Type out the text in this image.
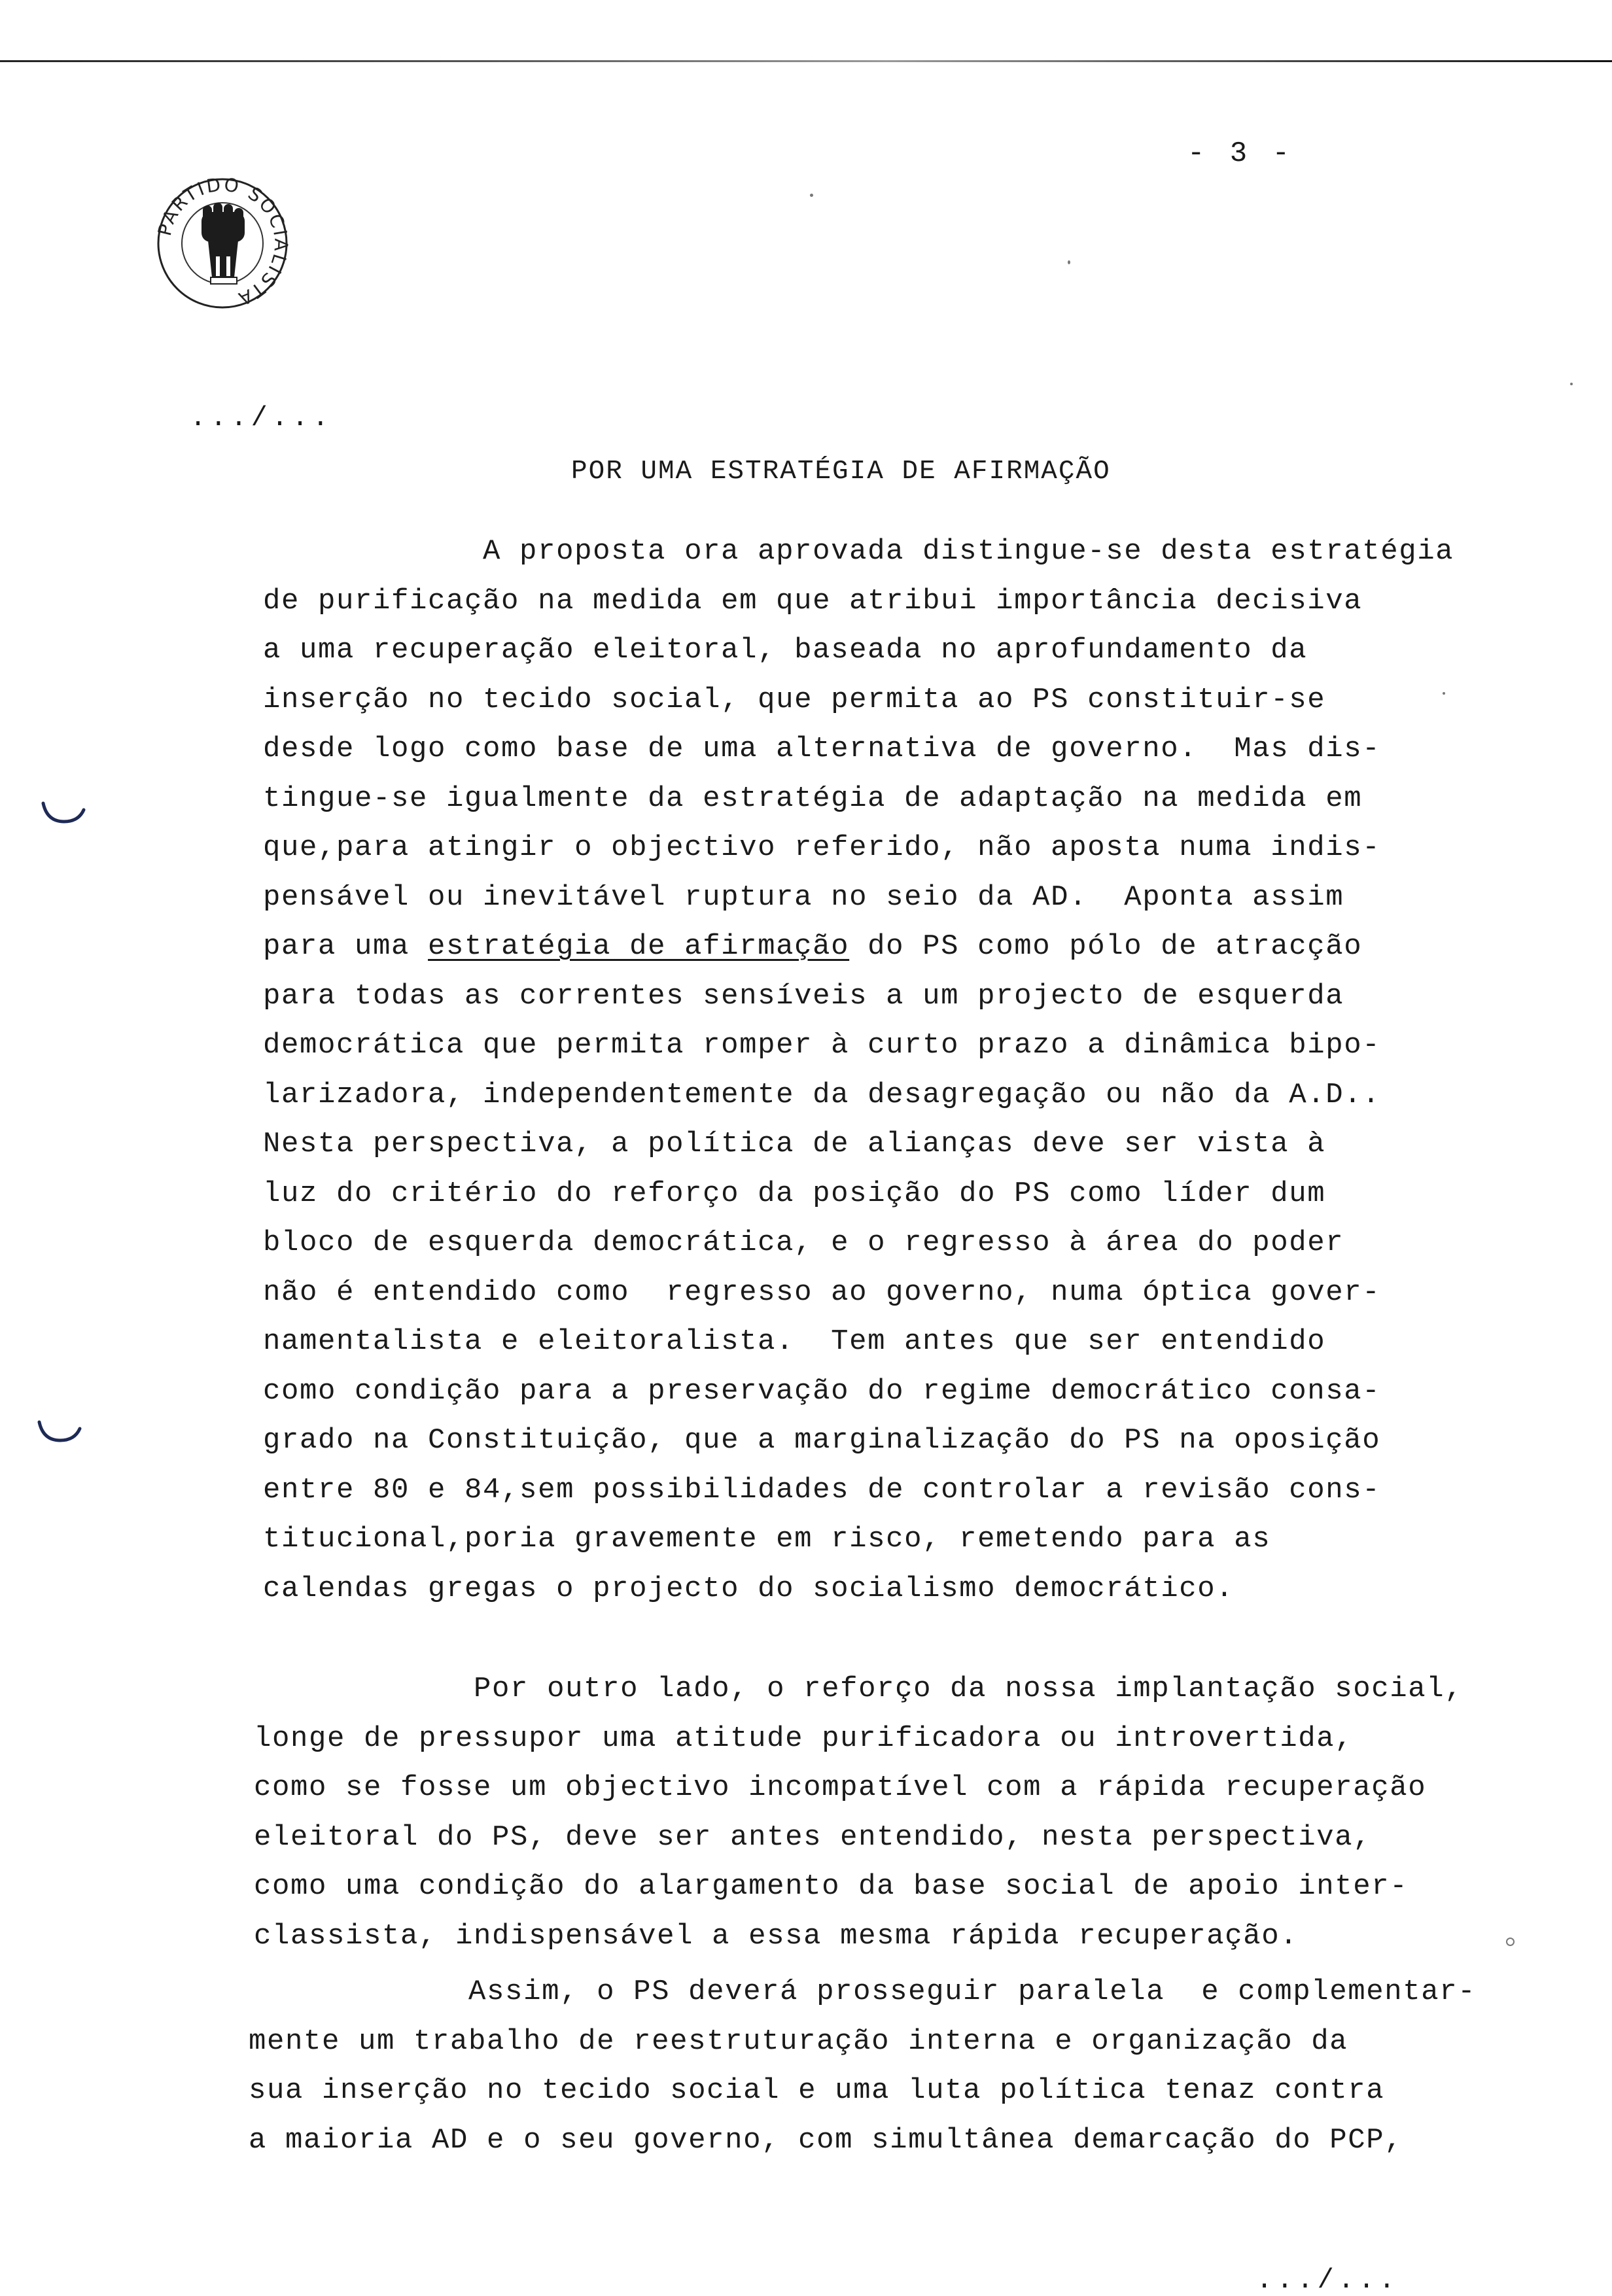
- 3 -
PARTIDO SOCIALISTA
.../...
POR UMA ESTRATÉGIA DE AFIRMAÇÃO
A proposta ora aprovada distingue-se desta estratégia
de purificação na medida em que atribui importância decisiva
a uma recuperação eleitoral, baseada no aprofundamento da
inserção no tecido social, que permita ao PS constituir-se
desde logo como base de uma alternativa de governo.  Mas dis-
tingue-se igualmente da estratégia de adaptação na medida em
que,para atingir o objectivo referido, não aposta numa indis-
pensável ou inevitável ruptura no seio da AD.  Aponta assim
para uma estratégia de afirmação do PS como pólo de atracção
para todas as correntes sensíveis a um projecto de esquerda
democrática que permita romper à curto prazo a dinâmica bipo-
larizadora, independentemente da desagregação ou não da A.D..
Nesta perspectiva, a política de alianças deve ser vista à
luz do critério do reforço da posição do PS como líder dum
bloco de esquerda democrática, e o regresso à área do poder
não é entendido como  regresso ao governo, numa óptica gover-
namentalista e eleitoralista.  Tem antes que ser entendido
como condição para a preservação do regime democrático consa-
grado na Constituição, que a marginalização do PS na oposição
entre 80 e 84,sem possibilidades de controlar a revisão cons-
titucional,poria gravemente em risco, remetendo para as
calendas gregas o projecto do socialismo democrático.
Por outro lado, o reforço da nossa implantação social,
longe de pressupor uma atitude purificadora ou introvertida,
como se fosse um objectivo incompatível com a rápida recuperação
eleitoral do PS, deve ser antes entendido, nesta perspectiva,
como uma condição do alargamento da base social de apoio inter-
classista, indispensável a essa mesma rápida recuperação.
Assim, o PS deverá prosseguir paralela  e complementar-
mente um trabalho de reestruturação interna e organização da
sua inserção no tecido social e uma luta política tenaz contra
a maioria AD e o seu governo, com simultânea demarcação do PCP,
.../...
